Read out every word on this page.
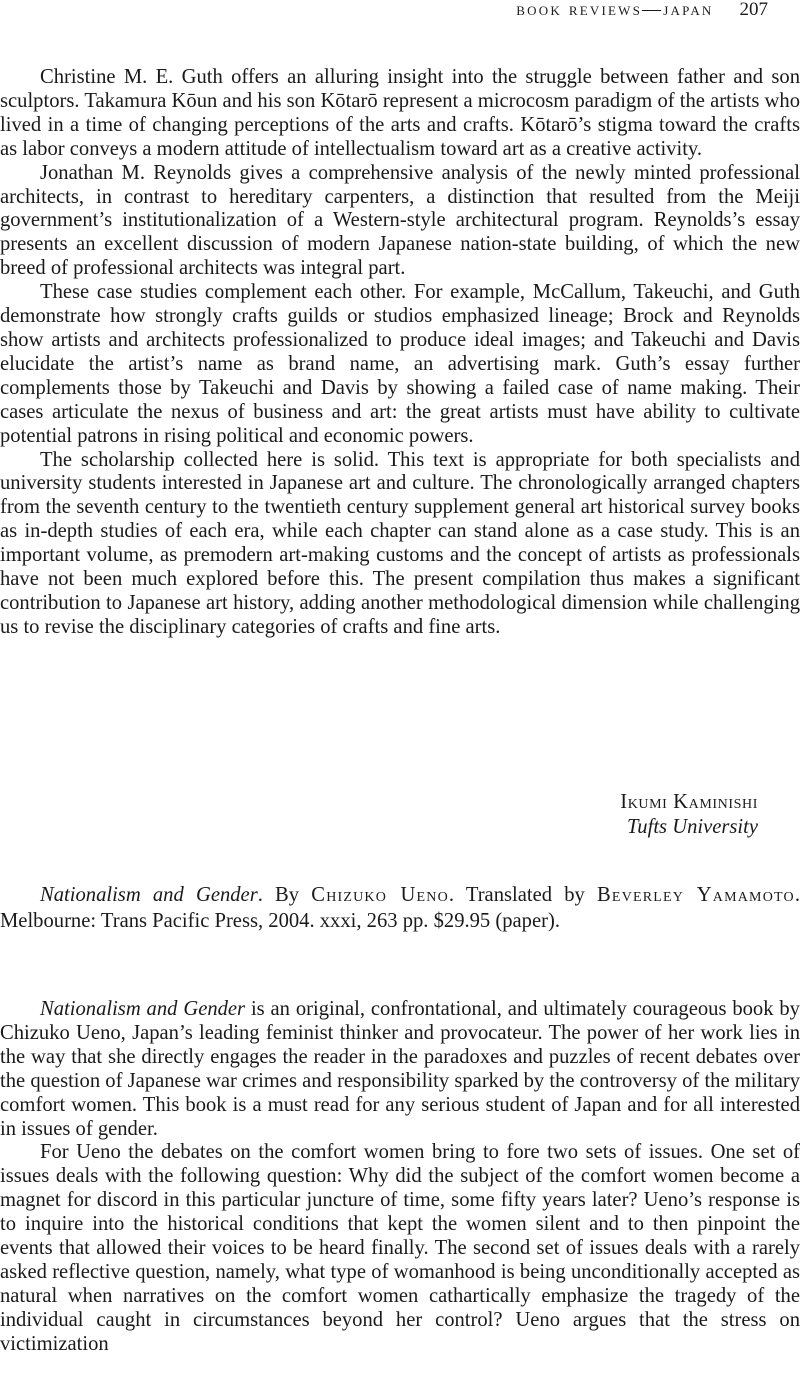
book reviews—japan 207

Christine M. E. Guth offers an alluring insight into the struggle between father and son sculptors. Takamura Kōun and his son Kōtarō represent a microcosm paradigm of the artists who lived in a time of changing perceptions of the arts and crafts. Kōtarō’s stigma toward the crafts as labor conveys a modern attitude of intellectualism toward art as a creative activity.

Jonathan M. Reynolds gives a comprehensive analysis of the newly minted professional architects, in contrast to hereditary carpenters, a distinction that resulted from the Meiji government’s institutionalization of a Western-style architectural program. Reynolds’s essay presents an excellent discussion of modern Japanese nation-state building, of which the new breed of professional architects was integral part.

These case studies complement each other. For example, McCallum, Takeuchi, and Guth demonstrate how strongly crafts guilds or studios emphasized lineage; Brock and Reynolds show artists and architects professionalized to produce ideal images; and Takeuchi and Davis elucidate the artist’s name as brand name, an advertising mark. Guth’s essay further complements those by Takeuchi and Davis by showing a failed case of name making. Their cases articulate the nexus of business and art: the great artists must have ability to cultivate potential patrons in rising political and economic powers.

The scholarship collected here is solid. This text is appropriate for both specialists and university students interested in Japanese art and culture. The chronologically arranged chapters from the seventh century to the twentieth century supplement general art historical survey books as in-depth studies of each era, while each chapter can stand alone as a case study. This is an important volume, as premodern art-making customs and the concept of artists as professionals have not been much explored before this. The present compilation thus makes a significant contribution to Japanese art history, adding another methodological dimension while challenging us to revise the disciplinary categories of crafts and fine arts.

Ikumi Kaminishi
Tufts University

Nationalism and Gender. By Chizuko Ueno. Translated by Beverley Yamamoto. Melbourne: Trans Pacific Press, 2004. xxxi, 263 pp. $29.95 (paper).

Nationalism and Gender is an original, confrontational, and ultimately courageous book by Chizuko Ueno, Japan’s leading feminist thinker and provocateur. The power of her work lies in the way that she directly engages the reader in the paradoxes and puzzles of recent debates over the question of Japanese war crimes and responsibility sparked by the controversy of the military comfort women. This book is a must read for any serious student of Japan and for all interested in issues of gender.

For Ueno the debates on the comfort women bring to fore two sets of issues. One set of issues deals with the following question: Why did the subject of the comfort women become a magnet for discord in this particular juncture of time, some fifty years later? Ueno’s response is to inquire into the historical conditions that kept the women silent and to then pinpoint the events that allowed their voices to be heard finally. The second set of issues deals with a rarely asked reflective question, namely, what type of womanhood is being unconditionally accepted as natural when narratives on the comfort women cathartically emphasize the tragedy of the individual caught in circumstances beyond her control? Ueno argues that the stress on victimization
